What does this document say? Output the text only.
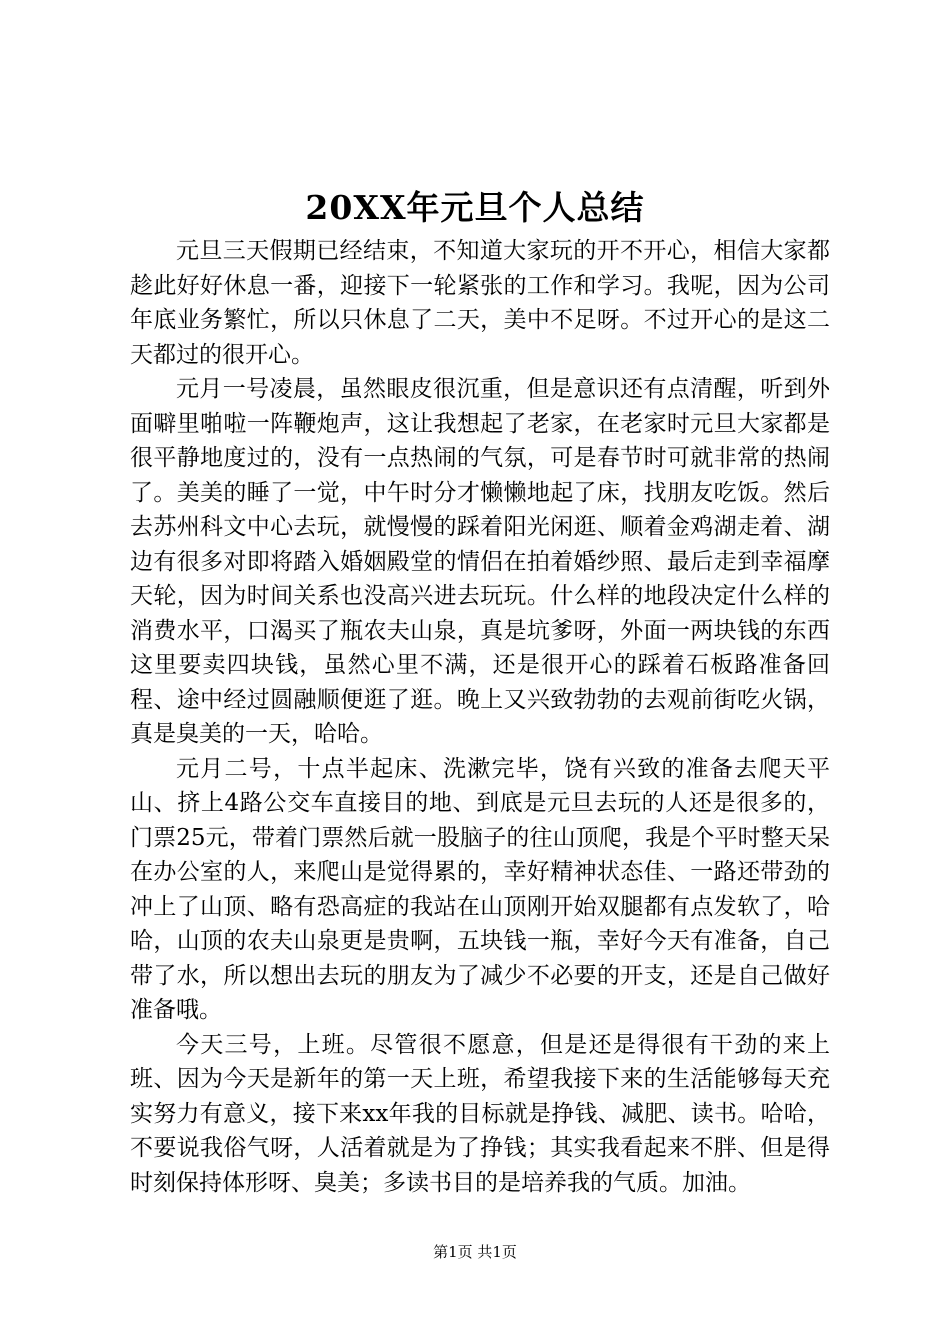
20XX年元旦个人总结

元旦三天假期已经结束，不知道大家玩的开不开心，相信大家都趁此好好休息一番，迎接下一轮紧张的工作和学习。我呢，因为公司年底业务繁忙，所以只休息了二天，美中不足呀。不过开心的是这二天都过的很开心。

元月一号凌晨，虽然眼皮很沉重，但是意识还有点清醒，听到外面噼里啪啦一阵鞭炮声，这让我想起了老家，在老家时元旦大家都是很平静地度过的，没有一点热闹的气氛，可是春节时可就非常的热闹了。美美的睡了一觉，中午时分才懒懒地起了床，找朋友吃饭。然后去苏州科文中心去玩，就慢慢的踩着阳光闲逛、顺着金鸡湖走着、湖边有很多对即将踏入婚姻殿堂的情侣在拍着婚纱照、最后走到幸福摩天轮，因为时间关系也没高兴进去玩玩。什么样的地段决定什么样的消费水平，口渴买了瓶农夫山泉，真是坑爹呀，外面一两块钱的东西这里要卖四块钱，虽然心里不满，还是很开心的踩着石板路准备回程、途中经过圆融顺便逛了逛。晚上又兴致勃勃的去观前街吃火锅，真是臭美的一天，哈哈。

元月二号，十点半起床、洗漱完毕，饶有兴致的准备去爬天平山、挤上4路公交车直接目的地、到底是元旦去玩的人还是很多的，门票25元，带着门票然后就一股脑子的往山顶爬，我是个平时整天呆在办公室的人，来爬山是觉得累的，幸好精神状态佳、一路还带劲的冲上了山顶、略有恐高症的我站在山顶刚开始双腿都有点发软了，哈哈，山顶的农夫山泉更是贵啊，五块钱一瓶，幸好今天有准备，自己带了水，所以想出去玩的朋友为了减少不必要的开支，还是自己做好准备哦。

今天三号，上班。尽管很不愿意，但是还是得很有干劲的来上班、因为今天是新年的第一天上班，希望我接下来的生活能够每天充实努力有意义，接下来xx年我的目标就是挣钱、减肥、读书。哈哈，不要说我俗气呀，人活着就是为了挣钱；其实我看起来不胖、但是得时刻保持体形呀、臭美；多读书目的是培养我的气质。加油。

第1页 共1页
